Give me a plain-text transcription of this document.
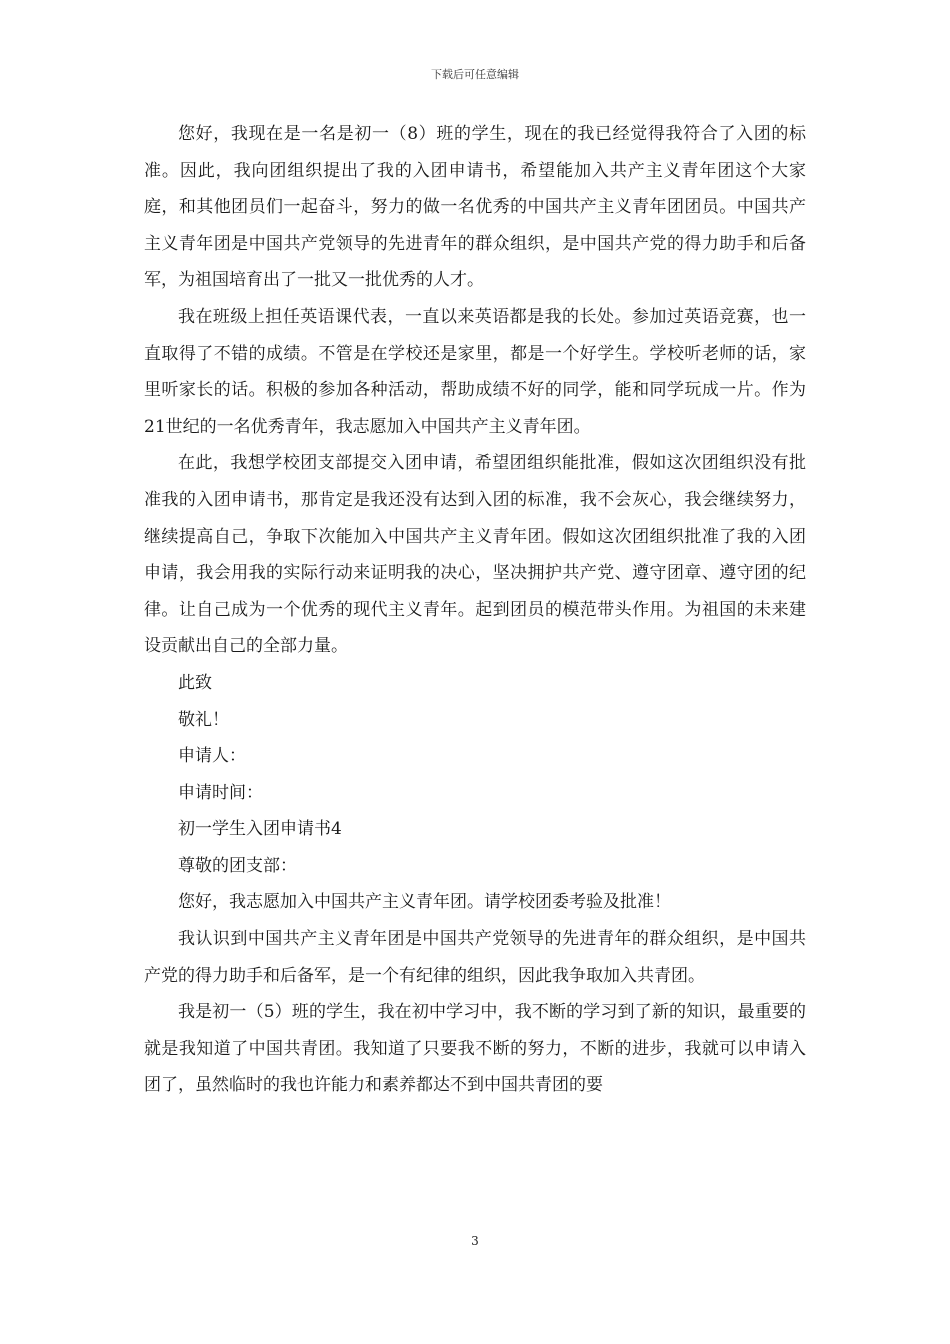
下载后可任意编辑

您好，我现在是一名是初一（8）班的学生，现在的我已经觉得我符合了入团的标准。因此，我向团组织提出了我的入团申请书，希望能加入共产主义青年团这个大家庭，和其他团员们一起奋斗，努力的做一名优秀的中国共产主义青年团团员。中国共产主义青年团是中国共产党领导的先进青年的群众组织，是中国共产党的得力助手和后备军，为祖国培育出了一批又一批优秀的人才。

我在班级上担任英语课代表，一直以来英语都是我的长处。参加过英语竞赛，也一直取得了不错的成绩。不管是在学校还是家里，都是一个好学生。学校听老师的话，家里听家长的话。积极的参加各种活动，帮助成绩不好的同学，能和同学玩成一片。作为21世纪的一名优秀青年，我志愿加入中国共产主义青年团。

在此，我想学校团支部提交入团申请，希望团组织能批准，假如这次团组织没有批准我的入团申请书，那肯定是我还没有达到入团的标准，我不会灰心，我会继续努力，继续提高自己，争取下次能加入中国共产主义青年团。假如这次团组织批准了我的入团申请，我会用我的实际行动来证明我的决心，坚决拥护共产党、遵守团章、遵守团的纪律。让自己成为一个优秀的现代主义青年。起到团员的模范带头作用。为祖国的未来建设贡献出自己的全部力量。

此致

敬礼！

申请人：

申请时间：

初一学生入团申请书4

尊敬的团支部：

您好，我志愿加入中国共产主义青年团。请学校团委考验及批准！

我认识到中国共产主义青年团是中国共产党领导的先进青年的群众组织，是中国共产党的得力助手和后备军，是一个有纪律的组织，因此我争取加入共青团。

我是初一（5）班的学生，我在初中学习中，我不断的学习到了新的知识，最重要的就是我知道了中国共青团。我知道了只要我不断的努力，不断的进步，我就可以申请入团了，虽然临时的我也许能力和素养都达不到中国共青团的要

3
